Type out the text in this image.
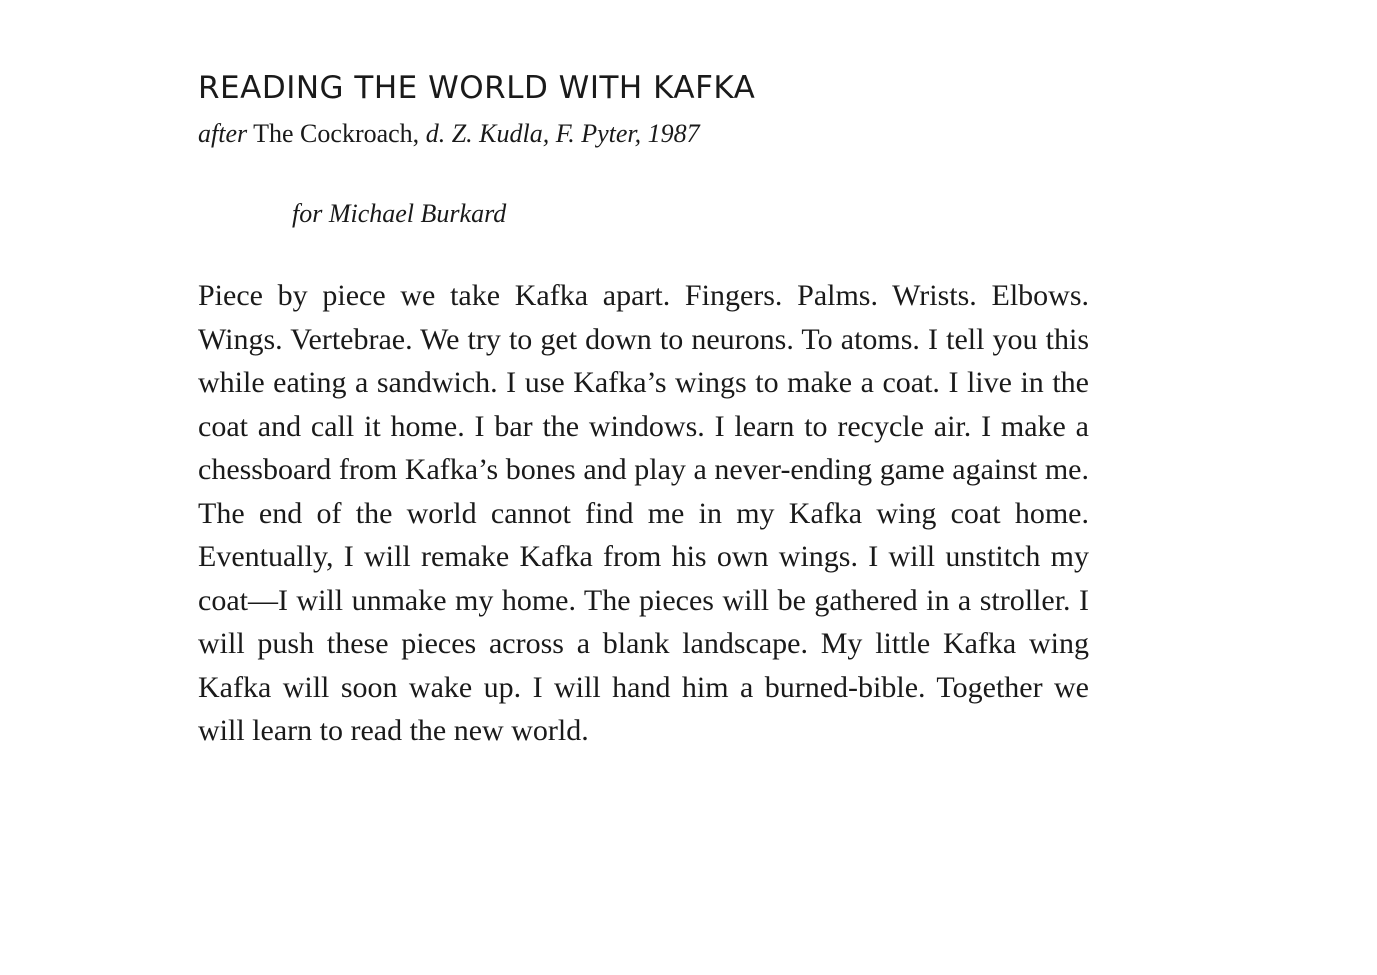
READING THE WORLD WITH KAFKA

after The Cockroach, d. Z. Kudla, F. Pyter, 1987

for Michael Burkard

Piece by piece we take Kafka apart. Fingers. Palms. Wrists. Elbows. Wings. Vertebrae. We try to get down to neurons. To atoms. I tell you this while eating a sandwich. I use Kafka’s wings to make a coat. I live in the coat and call it home. I bar the windows. I learn to recycle air. I make a chessboard from Kafka’s bones and play a never-ending game against me. The end of the world cannot find me in my Kafka wing coat home. Eventually, I will remake Kafka from his own wings. I will unstitch my coat—I will unmake my home. The pieces will be gathered in a stroller. I will push these pieces across a blank landscape. My little Kafka wing Kafka will soon wake up. I will hand him a burned-bible. Together we will learn to read the new world.
